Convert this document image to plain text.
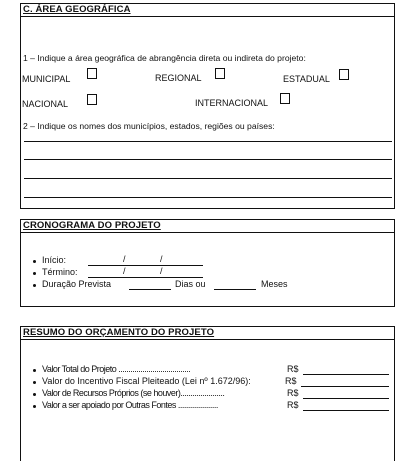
C. ÁREA GEOGRÁFICA
1 – Indique a área geográfica de abrangência direta ou indireta do projeto:
MUNICIPAL	REGIONAL	ESTADUAL
NACIONAL	INTERNACIONAL
2 – Indique os nomes dos municípios, estados, regiões ou países:
CRONOGRAMA DO PROJETO
Início:	/	/
Término:	/	/
Duração Prevista	Dias ou	Meses
RESUMO DO ORÇAMENTO DO PROJETO
Valor Total do Projeto ....................................	R$
Valor do Incentivo Fiscal Pleiteado (Lei nº 1.672/96):	R$
Valor de Recursos Próprios (se houver)......................	R$
Valor a ser apoiado por Outras Fontes ....................	R$
